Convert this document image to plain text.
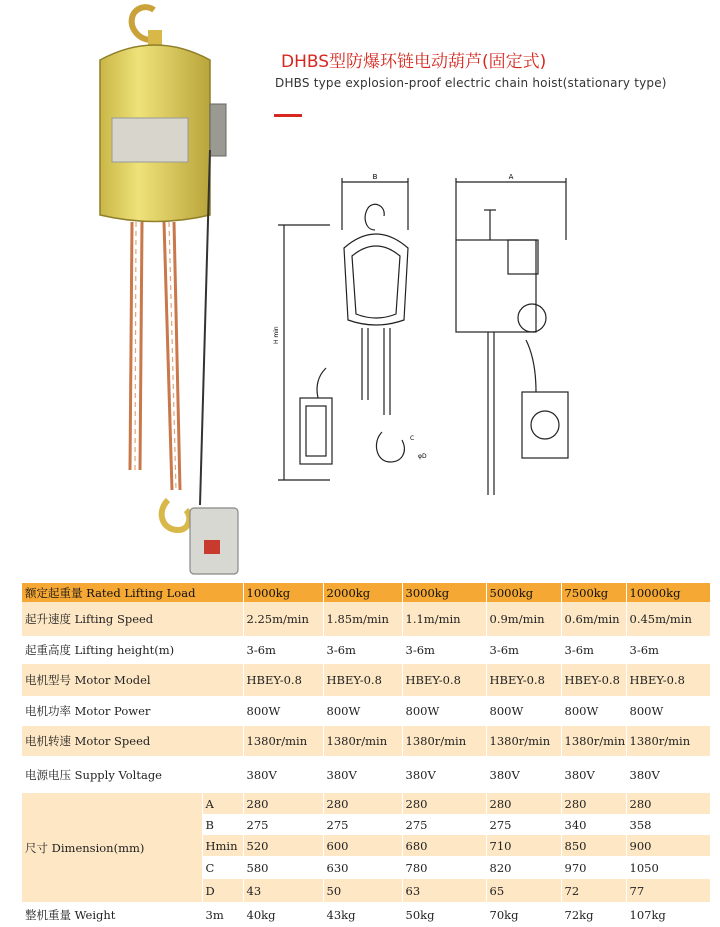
B	A
H min
C
φD
DHBS型防爆环链电动葫芦(固定式)
DHBS type explosion-proof electric chain hoist(stationary type)
额定起重量 Rated Lifting Load		1000kg	2000kg	3000kg	5000kg	7500kg	10000kg
起升速度 Lifting Speed		2.25m/min	1.85m/min	1.1m/min	0.9m/min	0.6m/min	0.45m/min
起重高度 Lifting height(m)		3-6m	3-6m	3-6m	3-6m	3-6m	3-6m
电机型号 Motor Model		HBEY-0.8	HBEY-0.8	HBEY-0.8	HBEY-0.8	HBEY-0.8	HBEY-0.8
电机功率 Motor Power		800W	800W	800W	800W	800W	800W
电机转速 Motor Speed		1380r/min	1380r/min	1380r/min	1380r/min	1380r/min	1380r/min
电源电压 Supply Voltage		380V	380V	380V	380V	380V	380V
尺寸 Dimension(mm)	A	280	280	280	280	280	280
	B	275	275	275	275	340	358
	Hmin	520	600	680	710	850	900
	C	580	630	780	820	970	1050
	D	43	50	63	65	72	77
整机重量 Weight	3m	40kg	43kg	50kg	70kg	72kg	107kg
